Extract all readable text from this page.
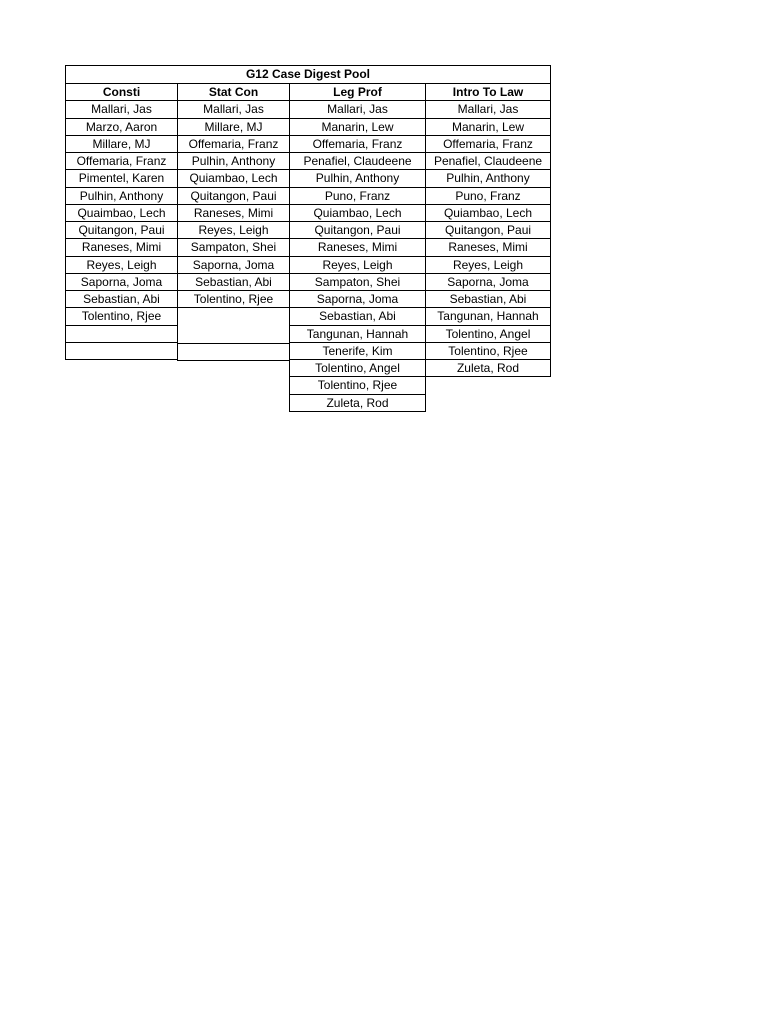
G12 Case Digest Pool
Consti
Mallari, Jas
Marzo, Aaron
Millare, MJ
Offemaria, Franz
Pimentel, Karen
Pulhin, Anthony
Quaimbao, Lech
Quitangon, Paui
Raneses, Mimi
Reyes, Leigh
Saporna, Joma
Sebastian, Abi
Tolentino, Rjee
Stat Con
Mallari, Jas
Millare, MJ
Offemaria, Franz
Pulhin, Anthony
Quiambao, Lech
Quitangon, Paui
Raneses, Mimi
Reyes, Leigh
Sampaton, Shei
Saporna, Joma
Sebastian, Abi
Tolentino, Rjee
Leg Prof
Mallari, Jas
Manarin, Lew
Offemaria, Franz
Penafiel, Claudeene
Pulhin, Anthony
Puno, Franz
Quiambao, Lech
Quitangon, Paui
Raneses, Mimi
Reyes, Leigh
Sampaton, Shei
Saporna, Joma
Sebastian, Abi
Tangunan, Hannah
Tenerife, Kim
Tolentino, Angel
Tolentino, Rjee
Zuleta, Rod
Intro To Law
Mallari, Jas
Manarin, Lew
Offemaria, Franz
Penafiel, Claudeene
Pulhin, Anthony
Puno, Franz
Quiambao, Lech
Quitangon, Paui
Raneses, Mimi
Reyes, Leigh
Saporna, Joma
Sebastian, Abi
Tangunan, Hannah
Tolentino, Angel
Tolentino, Rjee
Zuleta, Rod
